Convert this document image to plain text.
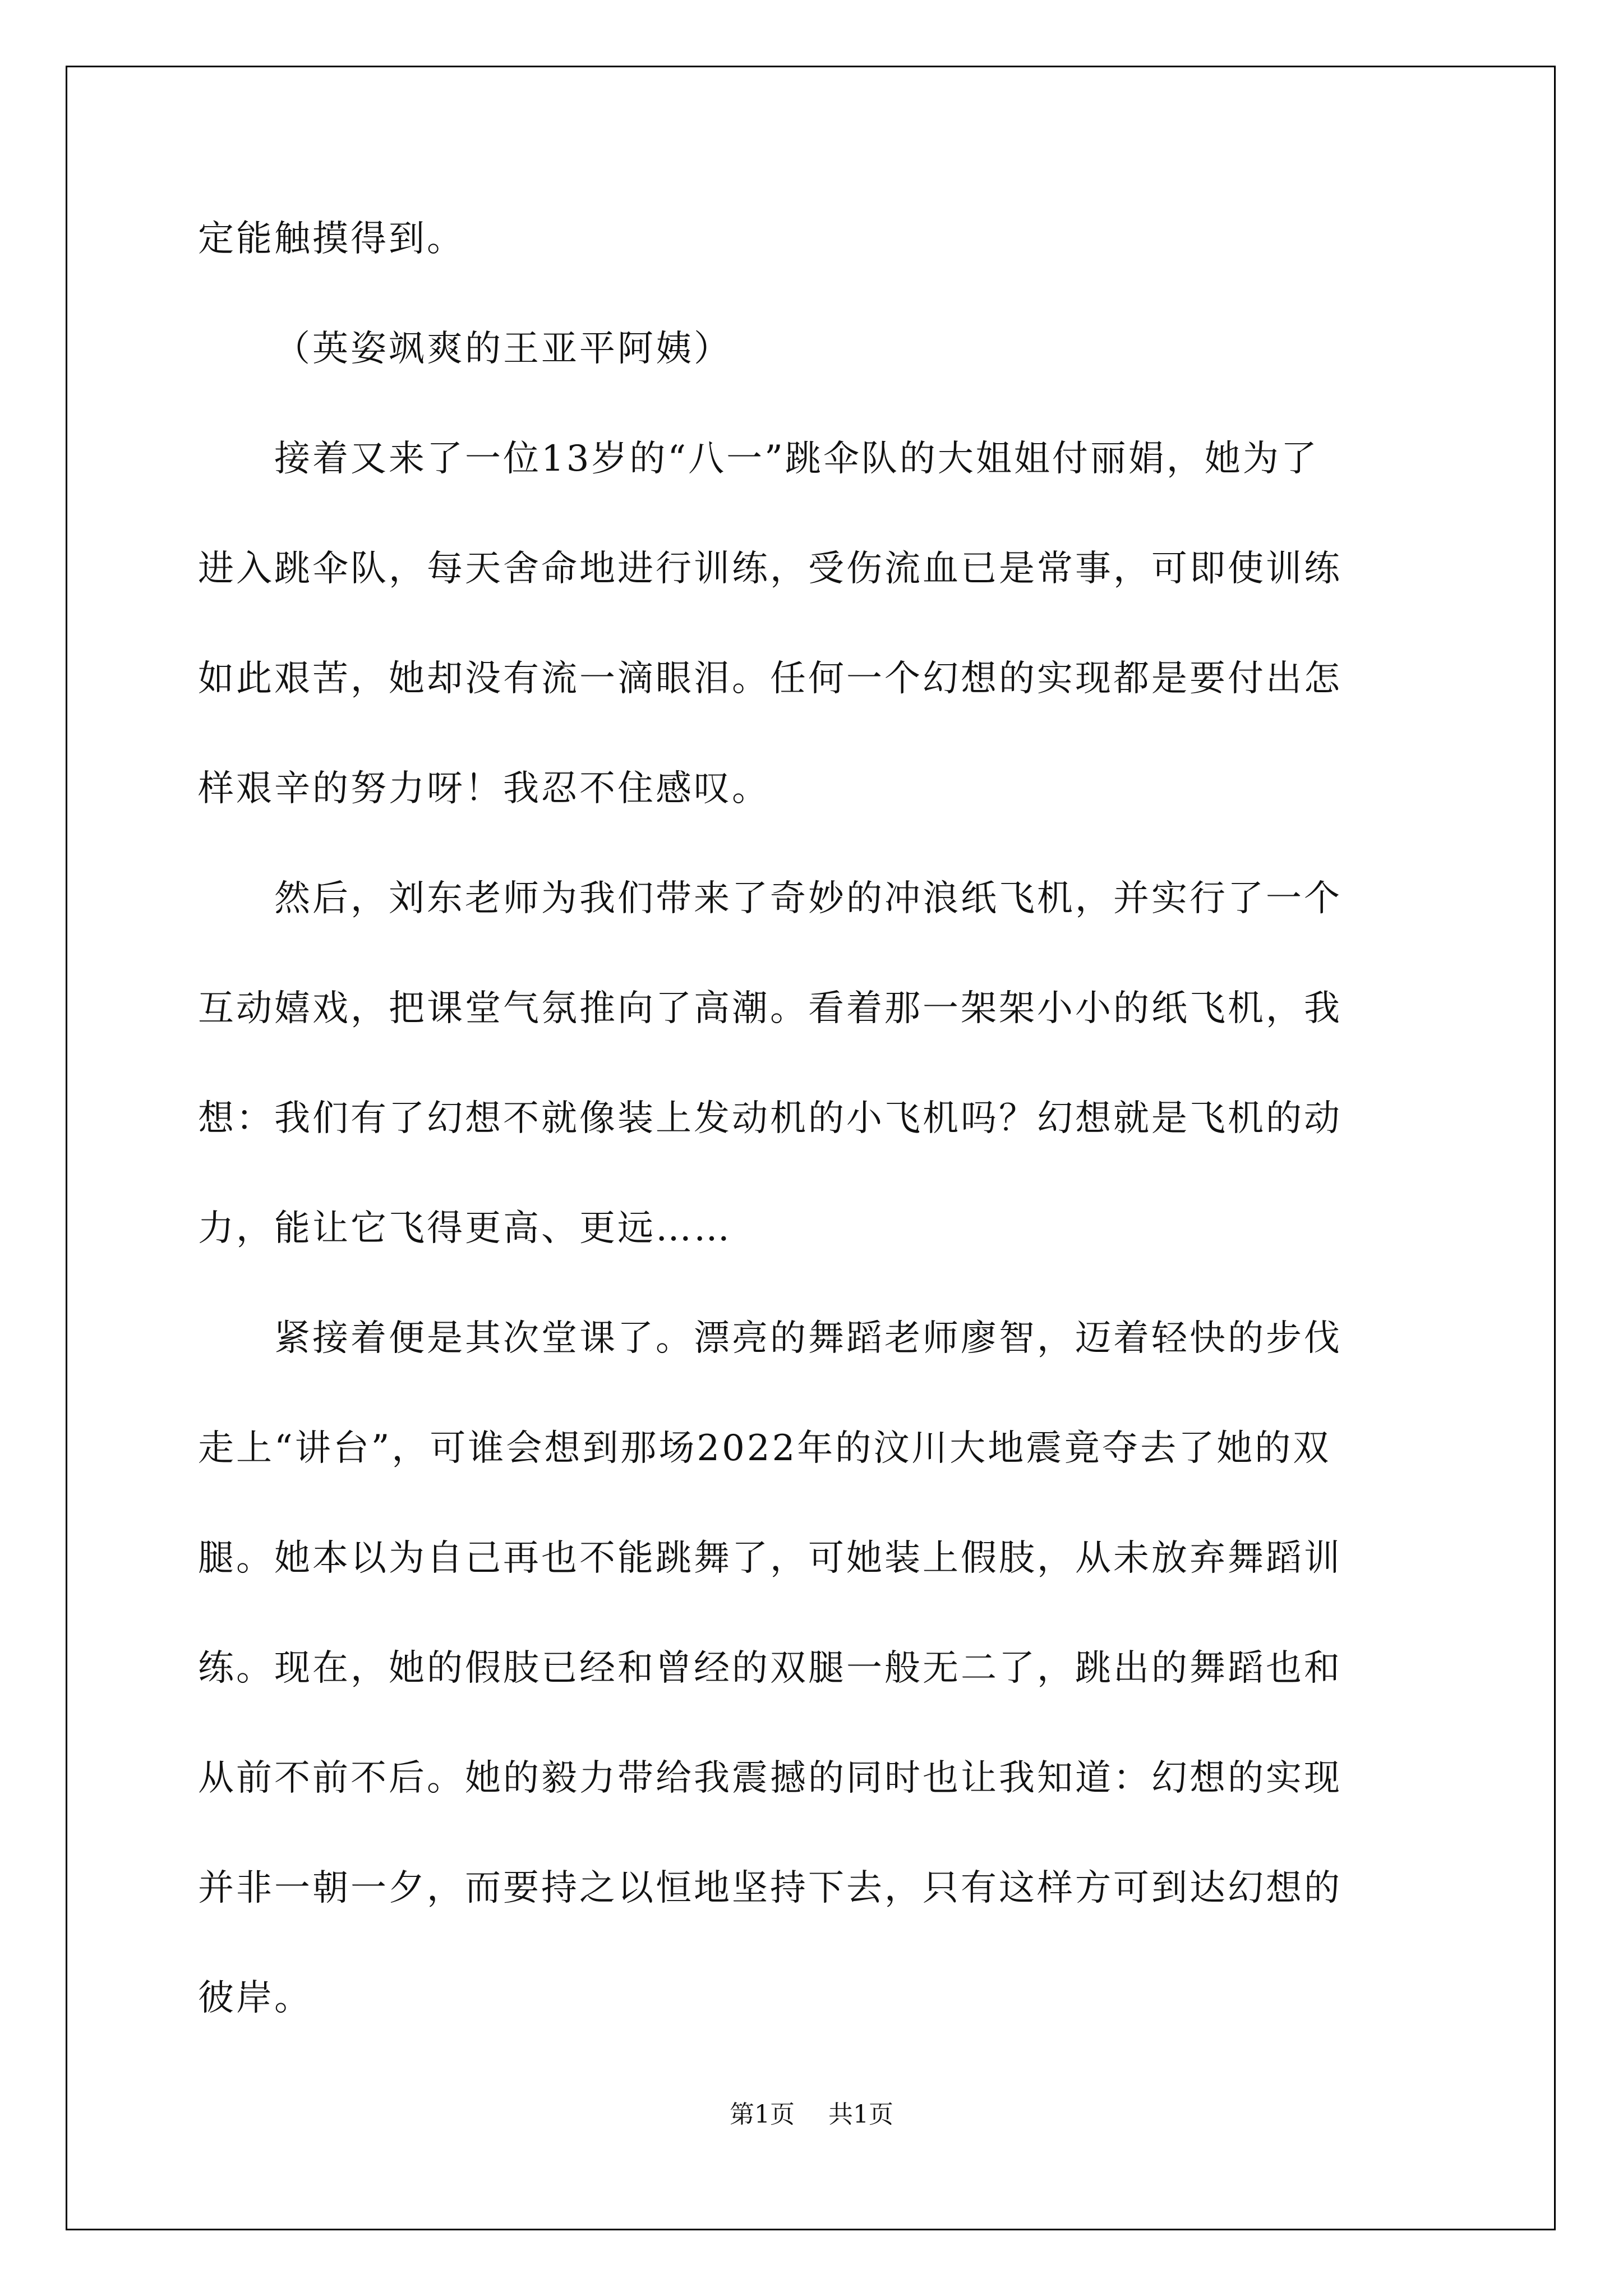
定能触摸得到。
（英姿飒爽的王亚平阿姨）
接着又来了一位13岁的“八一”跳伞队的大姐姐付丽娟，她为了
进入跳伞队，每天舍命地进行训练，受伤流血已是常事，可即使训练
如此艰苦，她却没有流一滴眼泪。任何一个幻想的实现都是要付出怎
样艰辛的努力呀！我忍不住感叹。
然后，刘东老师为我们带来了奇妙的冲浪纸飞机，并实行了一个
互动嬉戏，把课堂气氛推向了高潮。看着那一架架小小的纸飞机，我
想：我们有了幻想不就像装上发动机的小飞机吗？幻想就是飞机的动
力，能让它飞得更高、更远……
紧接着便是其次堂课了。漂亮的舞蹈老师廖智，迈着轻快的步伐
走上“讲台”，可谁会想到那场2022年的汶川大地震竟夺去了她的双
腿。她本以为自己再也不能跳舞了，可她装上假肢，从未放弃舞蹈训
练。现在，她的假肢已经和曾经的双腿一般无二了，跳出的舞蹈也和
从前不前不后。她的毅力带给我震撼的同时也让我知道：幻想的实现
并非一朝一夕，而要持之以恒地坚持下去，只有这样方可到达幻想的
彼岸。
第1页 共1页
